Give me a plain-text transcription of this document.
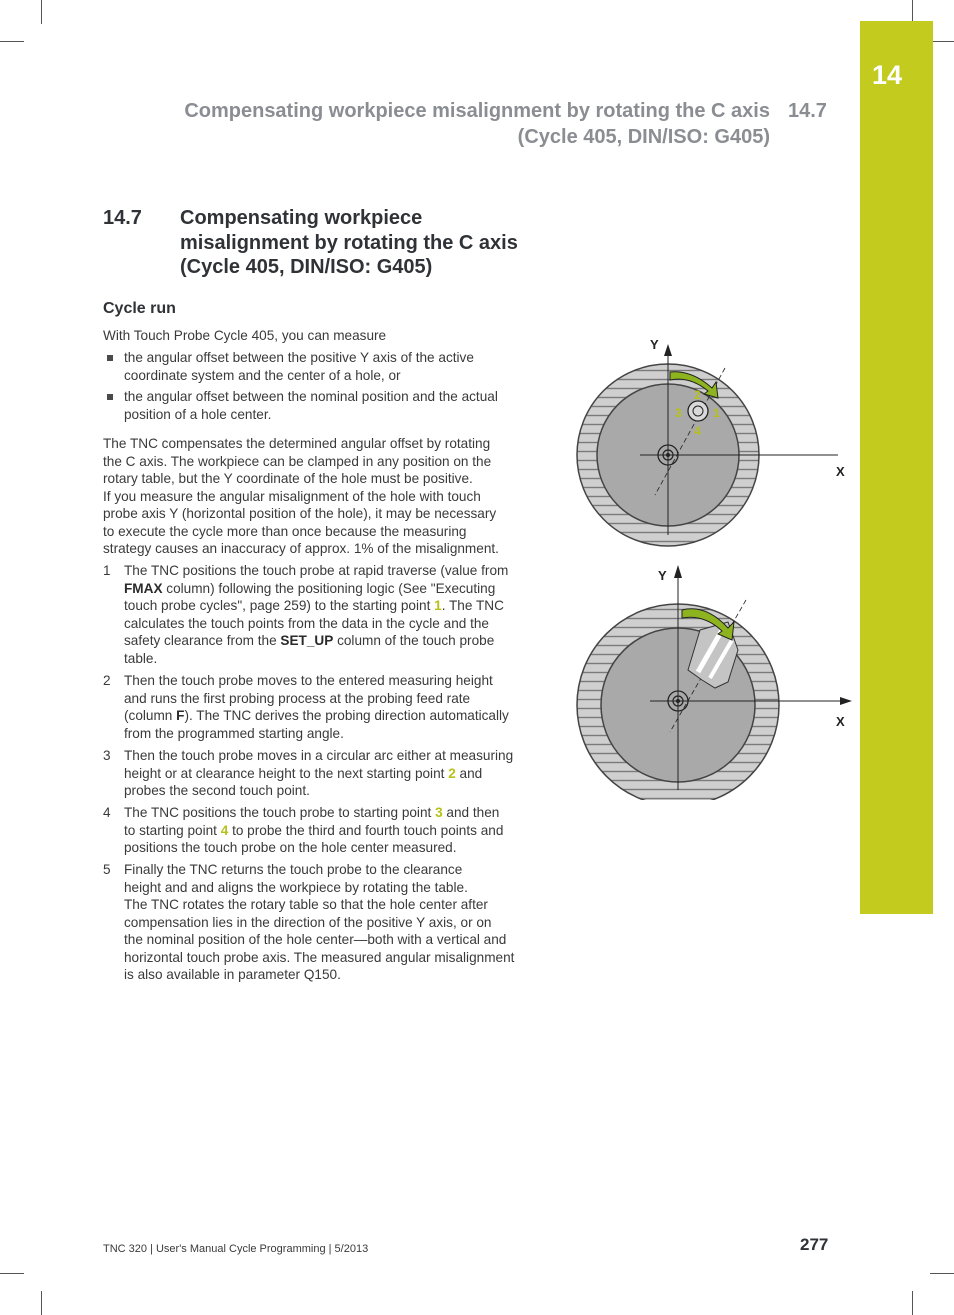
14
Compensating workpiece misalignment by rotating the C axis
(Cycle 405, DIN/ISO: G405)
14.7
14.7 Compensating workpiece
misalignment by rotating the C axis
(Cycle 405, DIN/ISO: G405)
Cycle run
With Touch Probe Cycle 405, you can measure
the angular offset between the positive Y axis of the active
coordinate system and the center of a hole, or
the angular offset between the nominal position and the actual
position of a hole center.
The TNC compensates the determined angular offset by rotating
the C axis. The workpiece can be clamped in any position on the
rotary table, but the Y coordinate of the hole must be positive.
If you measure the angular misalignment of the hole with touch
probe axis Y (horizontal position of the hole), it may be necessary
to execute the cycle more than once because the measuring
strategy causes an inaccuracy of approx. 1% of the misalignment.
1 The TNC positions the touch probe at rapid traverse (value from
FMAX column) following the positioning logic (See "Executing
touch probe cycles", page 259) to the starting point 1. The TNC
calculates the touch points from the data in the cycle and the
safety clearance from the SET_UP column of the touch probe
table.
2 Then the touch probe moves to the entered measuring height
and runs the first probing process at the probing feed rate
(column F). The TNC derives the probing direction automatically
from the programmed starting angle.
3 Then the touch probe moves in a circular arc either at measuring
height or at clearance height to the next starting point 2 and
probes the second touch point.
4 The TNC positions the touch probe to starting point 3 and then
to starting point 4 to probe the third and fourth touch points and
positions the touch probe on the hole center measured.
5 Finally the TNC returns the touch probe to the clearance
height and and aligns the workpiece by rotating the table.
The TNC rotates the rotary table so that the hole center after
compensation lies in the direction of the positive Y axis, or on
the nominal position of the hole center—both with a vertical and
horizontal touch probe axis. The measured angular misalignment
is also available in parameter Q150.
Y
X
1
2
3
4
Y
X
TNC 320 | User's Manual Cycle Programming | 5/2013	277
